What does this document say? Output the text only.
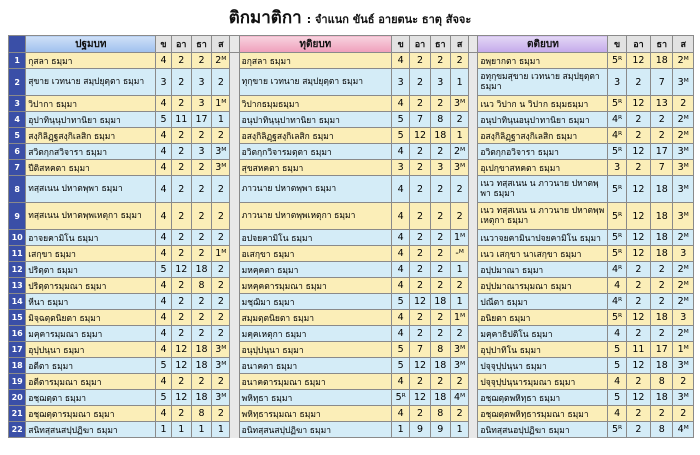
ติกมาติกา : จำแนก ขันธ์ อายตนะ ธาตุ สัจจะ
	ปฐมบท	ข	อา	ธา	ส		ทุติยบท	ข	อา	ธา	ส		ตติยบท	ข	อา	ธา	ส
1	กุสลา ธมฺมา	4	2	2	2ᴹ		อกุสลา ธมฺมา	4	2	2	2		อพฺยากตา ธมฺมา	5ᴿ	12	18	2ᴹ
2	สุขาย เวทนาย สมฺปยุตฺตา ธมฺมา	3	2	3	2		ทุกฺขาย เวทนาย สมฺปยุตฺตา ธมฺมา	3	2	3	1		อทุกฺขมสุขาย เวทนาย สมฺปยุตฺตา ธมฺมา	3	2	7	3ᴹ
3	วิปากา ธมฺมา	4	2	3	1ᴹ		วิปากธมฺมธมฺมา	4	2	2	3ᴹ		เนว วิปาก น วิปาก ธมฺมธมฺมา	5ᴿ	12	13	2
4	อุปาทินฺนุปาทานิยา ธมฺมา	5	11	17	1		อนุปาทินฺนุปาทานิยา ธมฺมา	5	7	8	2		อนุปาทินฺนอนุปาทานิยา ธมฺมา	4ᴿ	2	2	2ᴹ
5	สงฺกิลิฏฺฐสงฺกิเลสิก ธมฺมา	4	2	2	2		อสงฺกิลิฏฺฐสงฺกิเลสิก ธมฺมา	5	12	18	1		อสงฺกิลิฏฺฐาสงฺกิเลสิก ธมฺมา	4ᴿ	2	2	2ᴹ
6	สวิตกฺกสวิจารา ธมฺมา	4	2	3	3ᴹ		อวิตกฺกวิจารมตฺตา ธมฺมา	4	2	2	2ᴹ		อวิตกฺกอวิจารา ธมฺมา	5ᴿ	12	17	3ᴹ
7	ปีติสหคตา ธมฺมา	4	2	2	3ᴹ		สุขสหคตา ธมฺมา	3	2	3	3ᴹ		อุเปกฺขาสหคตา ธมฺมา	3	2	7	3ᴹ
8	ทสฺสเนน ปหาตพฺพา ธมฺมา	4	2	2	2		ภาวนาย ปหาตพฺพา ธมฺมา	4	2	2	2		เนว ทสฺสเนน น ภาวนาย ปหาตพฺพา ธมฺมา	5ᴿ	12	18	3ᴹ
9	ทสฺสเนน ปหาตพฺพเหตุกา ธมฺมา	4	2	2	2		ภาวนาย ปหาตพฺพเหตุกา ธมฺมา	4	2	2	2		เนว ทสฺสเนน น ภาวนาย ปหาตพฺพเหตุกา ธมฺมา	5ᴿ	12	18	3ᴹ
10	อาจยคามิโน ธมฺมา	4	2	2	2		อปจยคามิโน ธมฺมา	4	2	2	1ᴹ		เนวาจยคามินาปจยคามิโน ธมฺมา	5ᴿ	12	18	2ᴹ
11	เสกฺขา ธมฺมา	4	2	2	1ᴹ		อเสกฺขา ธมฺมา	4	2	2	-ᴹ		เนว เสกฺขา นาเสกฺขา ธมฺมา	5ᴿ	12	18	3
12	ปริตฺตา ธมฺมา	5	12	18	2		มหคฺคตา ธมฺมา	4	2	2	1		อปฺปมาณา ธมฺมา	4ᴿ	2	2	2ᴹ
13	ปริตฺตารมฺมณา ธมฺมา	4	2	8	2		มหคฺคตารมฺมณา ธมฺมา	4	2	2	2		อปฺปมาณารมฺมณา ธมฺมา	4	2	2	2ᴹ
14	หีนา ธมฺมา	4	2	2	2		มชฺฌิมา ธมฺมา	5	12	18	1		ปณีตา ธมฺมา	4ᴿ	2	2	2ᴹ
15	มิจฺฉตฺตนิยตา ธมฺมา	4	2	2	2		สมฺมตฺตนิยตา ธมฺมา	4	2	2	1ᴹ		อนิยตา ธมฺมา	5ᴿ	12	18	3
16	มคฺคารมฺมณา ธมฺมา	4	2	2	2		มคฺคเหตุกา ธมฺมา	4	2	2	2		มคฺคาธิปติโน ธมฺมา	4	2	2	2ᴹ
17	อุปฺปนฺนา ธมฺมา	4	12	18	3ᴹ		อนุปฺปนฺนา ธมฺมา	5	7	8	3ᴹ		อุปฺปาทิโน ธมฺมา	5	11	17	1ᴹ
18	อตีตา ธมฺมา	5	12	18	3ᴹ		อนาคตา ธมฺมา	5	12	18	3ᴹ		ปจฺจุปฺปนฺนา ธมฺมา	5	12	18	3ᴹ
19	อตีตารมฺมณา ธมฺมา	4	2	2	2		อนาคตารมฺมณา ธมฺมา	4	2	2	2		ปจฺจุปฺปนฺนารมฺมณา ธมฺมา	4	2	8	2
20	อชฺฌตฺตา ธมฺมา	5	12	18	3ᴹ		พหิทฺธา ธมฺมา	5ᴿ	12	18	4ᴹ		อชฺฌตฺตพหิทฺธา ธมฺมา	5	12	18	3ᴹ
21	อชฺฌตฺตารมฺมณา ธมฺมา	4	2	8	2		พหิทฺธารมฺมณา ธมฺมา	4	2	8	2		อชฺฌตฺตพหิทฺธารมฺมณา ธมฺมา	4	2	2	2
22	สนิทสฺสนสปฺปฏิฆา ธมฺมา	1	1	1	1		อนิทสฺสนสปฺปฏิฆา ธมฺมา	1	9	9	1		อนิทสฺสนอปฺปฏิฆา ธมฺมา	5ᴿ	2	8	4ᴹ
